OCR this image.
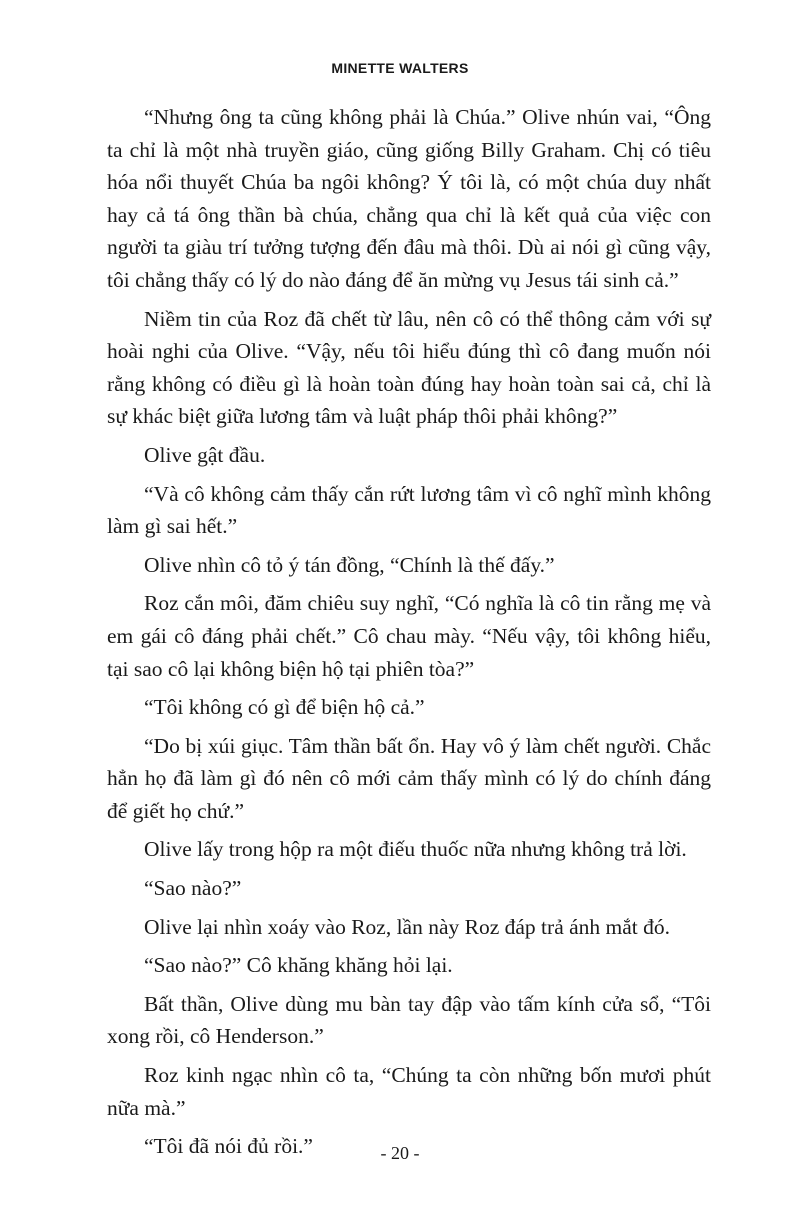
MINETTE WALTERS

“Nhưng ông ta cũng không phải là Chúa.” Olive nhún vai, “Ông ta chỉ là một nhà truyền giáo, cũng giống Billy Graham. Chị có tiêu hóa nổi thuyết Chúa ba ngôi không? Ý tôi là, có một chúa duy nhất hay cả tá ông thần bà chúa, chẳng qua chỉ là kết quả của việc con người ta giàu trí tưởng tượng đến đâu mà thôi. Dù ai nói gì cũng vậy, tôi chẳng thấy có lý do nào đáng để ăn mừng vụ Jesus tái sinh cả.”

Niềm tin của Roz đã chết từ lâu, nên cô có thể thông cảm với sự hoài nghi của Olive. “Vậy, nếu tôi hiểu đúng thì cô đang muốn nói rằng không có điều gì là hoàn toàn đúng hay hoàn toàn sai cả, chỉ là sự khác biệt giữa lương tâm và luật pháp thôi phải không?”

Olive gật đầu.

“Và cô không cảm thấy cắn rứt lương tâm vì cô nghĩ mình không làm gì sai hết.”

Olive nhìn cô tỏ ý tán đồng, “Chính là thế đấy.”

Roz cắn môi, đăm chiêu suy nghĩ, “Có nghĩa là cô tin rằng mẹ và em gái cô đáng phải chết.” Cô chau mày. “Nếu vậy, tôi không hiểu, tại sao cô lại không biện hộ tại phiên tòa?”

“Tôi không có gì để biện hộ cả.”

“Do bị xúi giục. Tâm thần bất ổn. Hay vô ý làm chết người. Chắc hẳn họ đã làm gì đó nên cô mới cảm thấy mình có lý do chính đáng để giết họ chứ.”

Olive lấy trong hộp ra một điếu thuốc nữa nhưng không trả lời.

“Sao nào?”

Olive lại nhìn xoáy vào Roz, lần này Roz đáp trả ánh mắt đó.

“Sao nào?” Cô khăng khăng hỏi lại.

Bất thần, Olive dùng mu bàn tay đập vào tấm kính cửa sổ, “Tôi xong rồi, cô Henderson.”

Roz kinh ngạc nhìn cô ta, “Chúng ta còn những bốn mươi phút nữa mà.”

“Tôi đã nói đủ rồi.”	- 20 -
